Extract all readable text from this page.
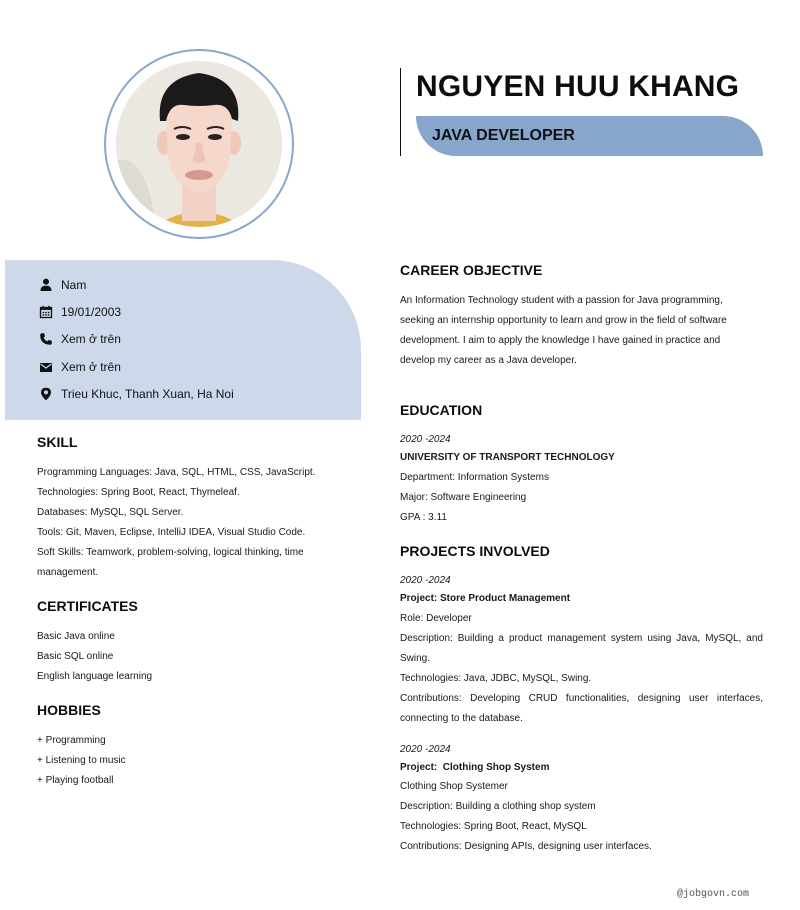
NGUYEN HUU KHANG
JAVA DEVELOPER
Nam
19/01/2003
Xem ở trên
Xem ở trên
Trieu Khuc, Thanh Xuan, Ha Noi
SKILL
Programming Languages: Java, SQL, HTML, CSS, JavaScript.
Technologies: Spring Boot, React, Thymeleaf.
Databases: MySQL, SQL Server.
Tools: Git, Maven, Eclipse, IntelliJ IDEA, Visual Studio Code.
Soft Skills: Teamwork, problem-solving, logical thinking, time management.
CERTIFICATES
Basic Java online
Basic SQL online
English language learning
HOBBIES
+ Programming
+ Listening to music
+ Playing football
CAREER OBJECTIVE
An Information Technology student with a passion for Java programming, seeking an internship opportunity to learn and grow in the field of software development. I aim to apply the knowledge I have gained in practice and develop my career as a Java developer.
EDUCATION
2020 -2024
UNIVERSITY OF TRANSPORT TECHNOLOGY
Department: Information Systems
Major: Software Engineering
GPA : 3.11
PROJECTS INVOLVED
2020 -2024
Project: Store Product Management
Role: Developer
Description: Building a product management system using Java, MySQL, and Swing.
Technologies: Java, JDBC, MySQL, Swing.
Contributions: Developing CRUD functionalities, designing user interfaces, connecting to the database.
2020 -2024
Project:  Clothing Shop System
Clothing Shop Systemer
Description: Building a clothing shop system
Technologies: Spring Boot, React, MySQL
Contributions: Designing APIs, designing user interfaces.
@jobgovn.com
